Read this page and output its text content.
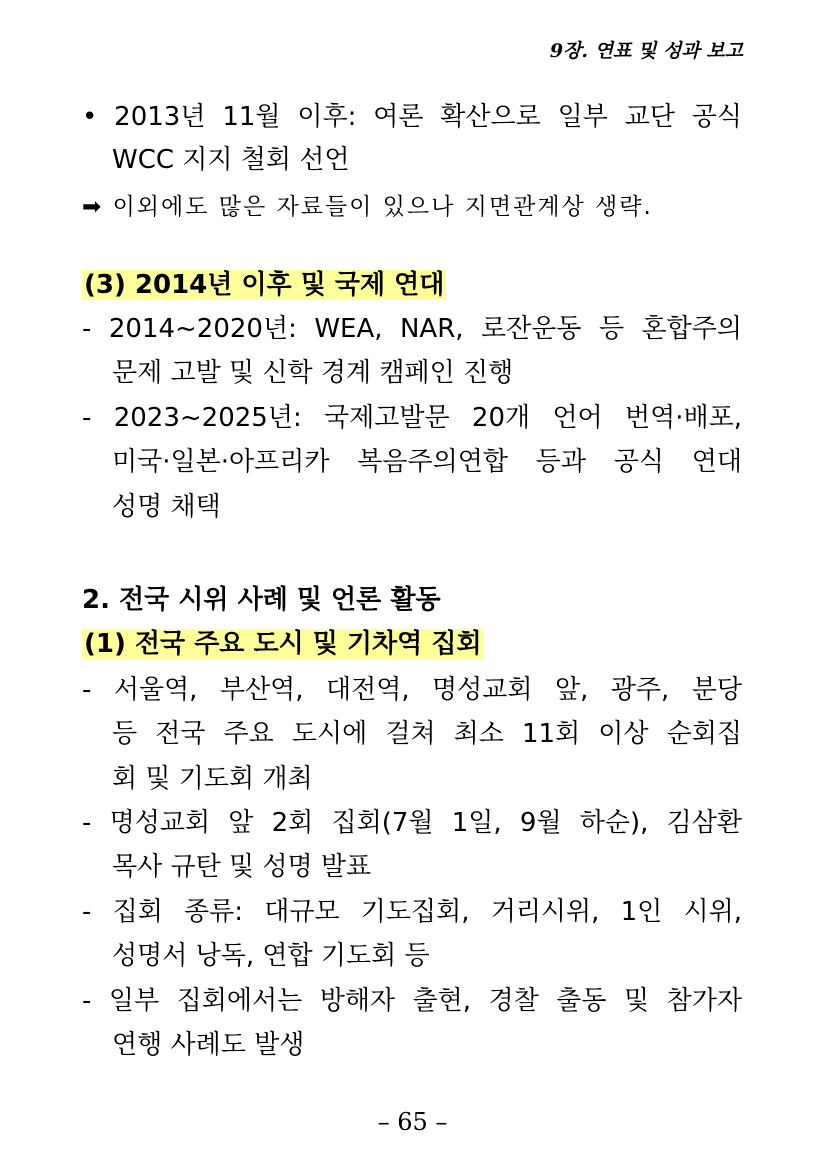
9장. 연표 및 성과 보고
• 2013년 11월 이후: 여론 확산으로 일부 교단 공식
WCC 지지 철회 선언
➡ 이외에도 많은 자료들이 있으나 지면관계상 생략.
(3) 2014년 이후 및 국제 연대
- 2014~2020년: WEA, NAR, 로잔운동 등 혼합주의
문제 고발 및 신학 경계 캠페인 진행
- 2023~2025년: 국제고발문 20개 언어 번역·배포,
미국·일본·아프리카 복음주의연합 등과 공식 연대
성명 채택
2. 전국 시위 사례 및 언론 활동
(1) 전국 주요 도시 및 기차역 집회
- 서울역, 부산역, 대전역, 명성교회 앞, 광주, 분당
등 전국 주요 도시에 걸쳐 최소 11회 이상 순회집
회 및 기도회 개최
- 명성교회 앞 2회 집회(7월 1일, 9월 하순), 김삼환
목사 규탄 및 성명 발표
- 집회 종류: 대규모 기도집회, 거리시위, 1인 시위,
성명서 낭독, 연합 기도회 등
- 일부 집회에서는 방해자 출현, 경찰 출동 및 참가자
연행 사례도 발생
– 65 –
